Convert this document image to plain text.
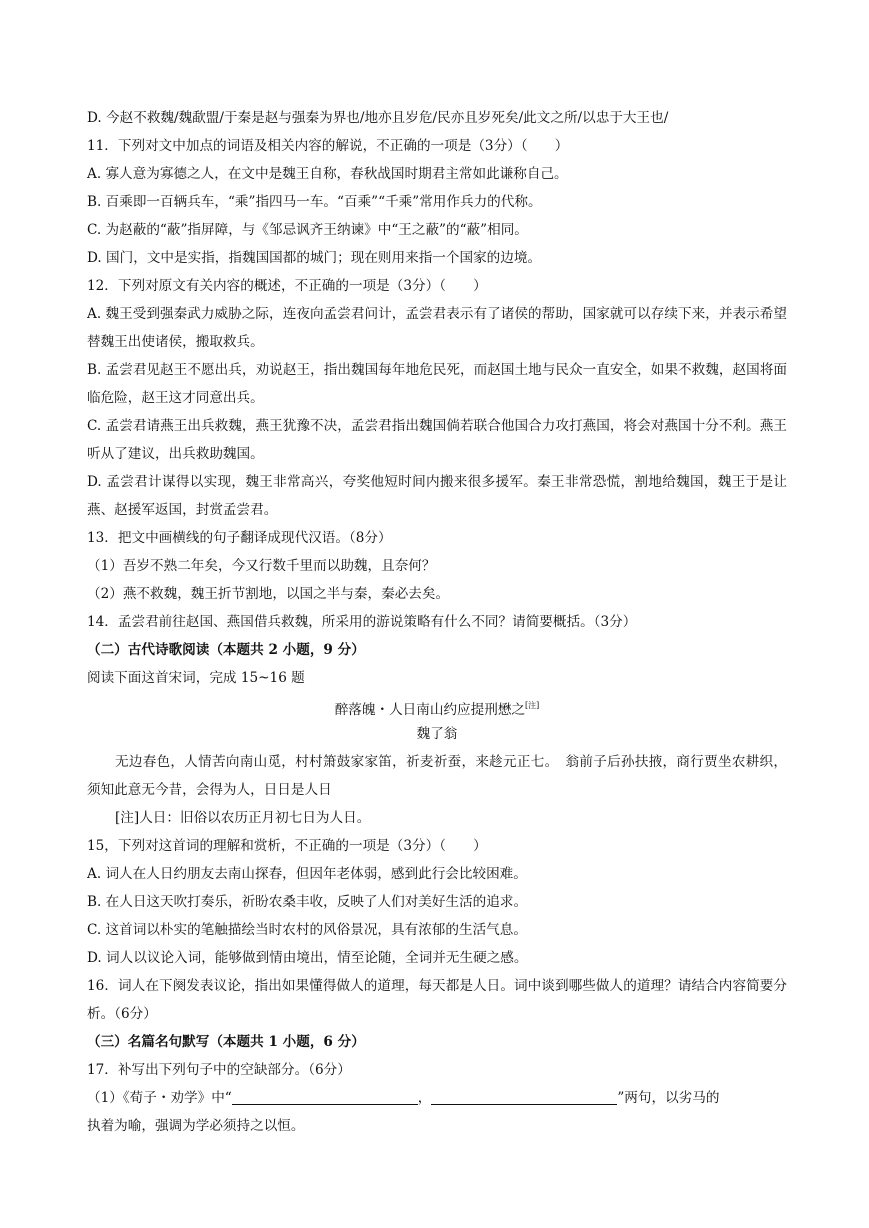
D. 今赵不救魏/魏歃盟/于秦是赵与强秦为界也/地亦且岁危/民亦且岁死矣/此文之所/以忠于大王也/
11．下列对文中加点的词语及相关内容的解说，不正确的一项是（3分）（　　）
A. 寡人意为寡德之人，在文中是魏王自称，春秋战国时期君主常如此谦称自己。
B. 百乘即一百辆兵车，“乘”指四马一车。“百乘”“千乘”常用作兵力的代称。
C. 为赵蔽的“蔽”指屏障，与《邹忌讽齐王纳谏》中“王之蔽”的“蔽”相同。
D. 国门，文中是实指，指魏国国都的城门；现在则用来指一个国家的边境。
12．下列对原文有关内容的概述，不正确的一项是（3分）（　　）
A. 魏王受到强秦武力威胁之际，连夜向孟尝君问计，孟尝君表示有了诸侯的帮助，国家就可以存续下来，并表示希望替魏王出使诸侯，搬取救兵。
B. 孟尝君见赵王不愿出兵，劝说赵王，指出魏国每年地危民死，而赵国土地与民众一直安全，如果不救魏，赵国将面临危险，赵王这才同意出兵。
C. 孟尝君请燕王出兵救魏，燕王犹豫不决，孟尝君指出魏国倘若联合他国合力攻打燕国，将会对燕国十分不利。燕王听从了建议，出兵救助魏国。
D. 孟尝君计谋得以实现，魏王非常高兴，夸奖他短时间内搬来很多援军。秦王非常恐慌，割地给魏国，魏王于是让燕、赵援军返国，封赏孟尝君。
13．把文中画横线的句子翻译成现代汉语。（8分）
（1）吾岁不熟二年矣，今又行数千里而以助魏，且奈何？
（2）燕不救魏，魏王折节割地，以国之半与秦，秦必去矣。
14．孟尝君前往赵国、燕国借兵救魏，所采用的游说策略有什么不同？请简要概括。（3分）
（二）古代诗歌阅读（本题共 2 小题，9 分）
阅读下面这首宋词，完成 15~16 题
醉落魄・人日南山约应提刑懋之[注]
魏了翁
无边春色，人情苦向南山觅，村村箫鼓家家笛，祈麦祈蚕，来趁元正七。　翁前子后孙扶掖，商行贾坐农耕织，须知此意无今昔，会得为人，日日是人日
[注]人日：旧俗以农历正月初七日为人日。
15，下列对这首词的理解和赏析，不正确的一项是（3分）（　　）
A. 词人在人日约朋友去南山探春，但因年老体弱，感到此行会比较困难。
B. 在人日这天吹打奏乐，祈盼农桑丰收，反映了人们对美好生活的追求。
C. 这首词以朴实的笔触描绘当时农村的风俗景况，具有浓郁的生活气息。
D. 词人以议论入词，能够做到情由境出，情至论随，全词并无生硬之感。
16．词人在下阕发表议论，指出如果懂得做人的道理，每天都是人日。词中谈到哪些做人的道理？请结合内容简要分析。（6分）
（三）名篇名句默写（本题共 1 小题，6 分）
17．补写出下列句子中的空缺部分。（6分）
（1）《荀子・劝学》中“	，	”两句，以劣马的
执着为喻，强调为学必须持之以恒。
